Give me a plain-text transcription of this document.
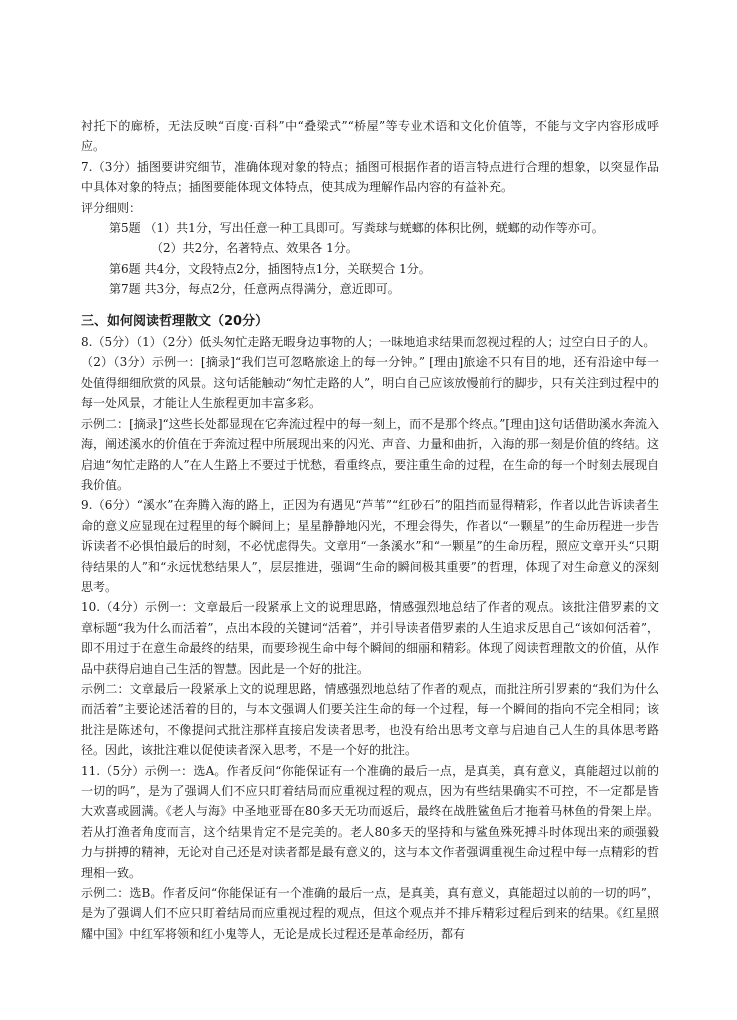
衬托下的廊桥，无法反映“百度·百科”中“叠梁式”“桥屋”等专业术语和文化价值等，不能与文字内容形成呼应。

7.（3分）插图要讲究细节，准确体现对象的特点；插图可根据作者的语言特点进行合理的想象，以突显作品中具体对象的特点；插图要能体现文体特点，使其成为理解作品内容的有益补充。

评分细则：

第5题 （1）共1分，写出任意一种工具即可。写粪球与蜣螂的体积比例，蜣螂的动作等亦可。

（2）共2分，名著特点、效果各 1分。

第6题 共4分，文段特点2分，插图特点1分，关联契合 1分。

第7题 共3分，每点2分，任意两点得满分，意近即可。

三、如何阅读哲理散文（20分）

8.（5分）（1）（2分）低头匆忙走路无暇身边事物的人；一昧地追求结果而忽视过程的人；过空白日子的人。

（2）（3分）示例一：[摘录]“我们岂可忽略旅途上的每一分钟。” [理由]旅途不只有目的地，还有沿途中每一处值得细细欣赏的风景。这句话能触动“匆忙走路的人”，明白自己应该放慢前行的脚步，只有关注到过程中的每一处风景，才能让人生旅程更加丰富多彩。

示例二：[摘录]“这些长处都显现在它奔流过程中的每一刻上，而不是那个终点。”[理由]这句话借助溪水奔流入海，阐述溪水的价值在于奔流过程中所展现出来的闪光、声音、力量和曲折，入海的那一刻是价值的终结。这启迪“匆忙走路的人”在人生路上不要过于忧愁，看重终点，要注重生命的过程，在生命的每一个时刻去展现自我价值。

9.（6分）“溪水”在奔腾入海的路上，正因为有遇见“芦苇”“红砂石”的阻挡而显得精彩，作者以此告诉读者生命的意义应显现在过程里的每个瞬间上；星星静静地闪光，不理会得失，作者以“一颗星”的生命历程进一步告诉读者不必惧怕最后的时刻，不必忧虑得失。文章用“一条溪水”和“一颗星”的生命历程，照应文章开头“只期待结果的人”和“永远忧愁结果人”，层层推进，强调“生命的瞬间极其重要”的哲理，体现了对生命意义的深刻思考。

10.（4分）示例一：文章最后一段紧承上文的说理思路，情感强烈地总结了作者的观点。该批注借罗素的文章标题“我为什么而活着”，点出本段的关键词“活着”，并引导读者借罗素的人生追求反思自己“该如何活着”，即不用过于在意生命最终的结果，而要珍视生命中每个瞬间的细丽和精彩。体现了阅读哲理散文的价值，从作品中获得启迪自己生活的智慧。因此是一个好的批注。

示例二：文章最后一段紧承上文的说理思路，情感强烈地总结了作者的观点，而批注所引罗素的“我们为什么而活着”主要论述活着的目的，与本文强调人们要关注生命的每一个过程，每一个瞬间的指向不完全相同；该批注是陈述句，不像提问式批注那样直接启发读者思考，也没有给出思考文章与启迪自己人生的具体思考路径。因此，该批注难以促使读者深入思考，不是一个好的批注。

11.（5分）示例一：选A。作者反问“你能保证有一个准确的最后一点，是真美，真有意义，真能超过以前的一切的吗”，是为了强调人们不应只盯着结局而应重视过程的观点，因为有些结果确实不可控，不一定都是皆大欢喜或圆满。《老人与海》中圣地亚哥在80多天无功而返后，最终在战胜鲨鱼后才拖着马林鱼的骨架上岸。若从打渔者角度而言，这个结果肯定不是完美的。老人80多天的坚持和与鲨鱼殊死搏斗时体现出来的顽强毅力与拼搏的精神，无论对自己还是对读者都是最有意义的，这与本文作者强调重视生命过程中每一点精彩的哲理相一致。

示例二：选B。作者反问“你能保证有一个准确的最后一点，是真美，真有意义，真能超过以前的一切的吗”，是为了强调人们不应只盯着结局而应重视过程的观点，但这个观点并不排斥精彩过程后到来的结果。《红星照耀中国》中红军将领和红小鬼等人，无论是成长过程还是革命经历，都有
